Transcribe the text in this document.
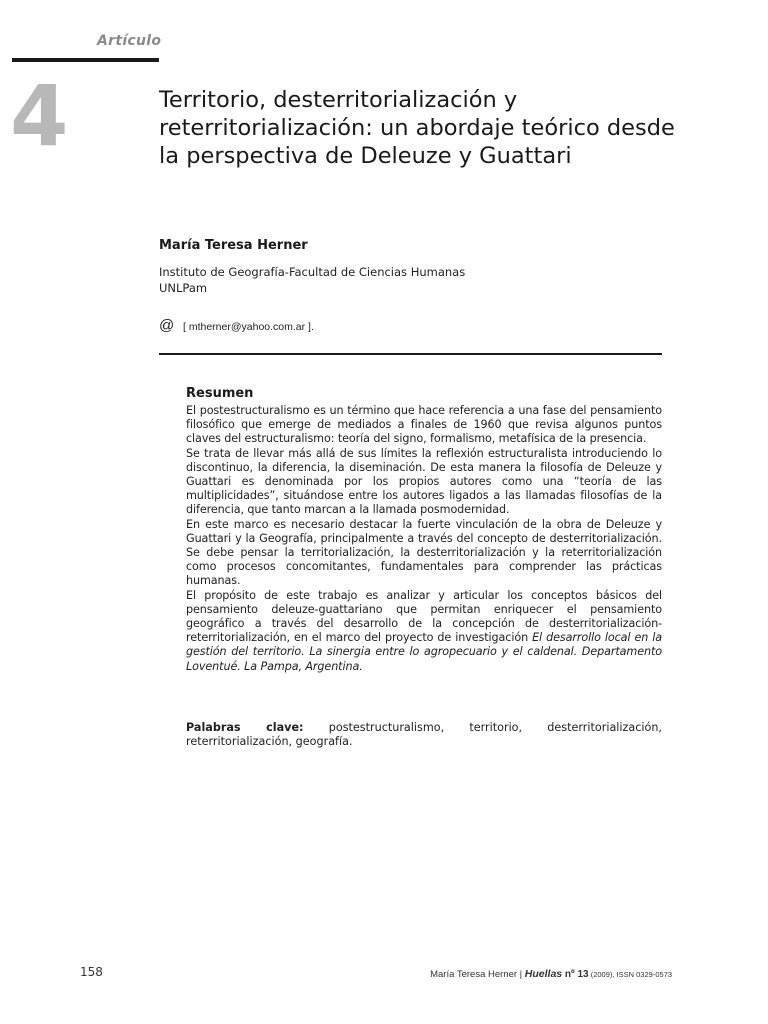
Artículo
4	Territorio, desterritorialización y reterritorialización: un abordaje teórico desde la perspectiva de Deleuze y Guattari
María Teresa Herner
Instituto de Geografía-Facultad de Ciencias Humanas
UNLPam
@ [ mtherner@yahoo.com.ar ].
Resumen

El postestructuralismo es un término que hace referencia a una fase del pensamiento filosófico que emerge de mediados a finales de 1960 que revisa algunos puntos claves del estructuralismo: teoría del signo, formalismo, metafísica de la presencia.

Se trata de llevar más allá de sus límites la reflexión estructuralista introduciendo lo discontinuo, la diferencia, la diseminación. De esta manera la filosofía de Deleuze y Guattari es denominada por los propios autores como una “teoría de las multiplicidades”, situándose entre los autores ligados a las llamadas filosofías de la diferencia, que tanto marcan a la llamada posmodernidad.

En este marco es necesario destacar la fuerte vinculación de la obra de Deleuze y Guattari y la Geografía, principalmente a través del concepto de desterritorialización. Se debe pensar la territorialización, la desterritorialización y la reterritorialización como procesos concomitantes, fundamentales para comprender las prácticas humanas.

El propósito de este trabajo es analizar y articular los conceptos básicos del pensamiento deleuze-guattariano que permitan enriquecer el pensamiento geográfico a través del desarrollo de la concepción de desterritorialización-reterritorialización, en el marco del proyecto de investigación El desarrollo local en la gestión del territorio. La sinergia entre lo agropecuario y el caldenal. Departamento Loventué. La Pampa, Argentina.

Palabras clave: postestructuralismo, territorio, desterritorialización, reterritorialización, geografía.

158	María Teresa Herner | Huellas nº 13 (2009), ISSN 0329-0573
